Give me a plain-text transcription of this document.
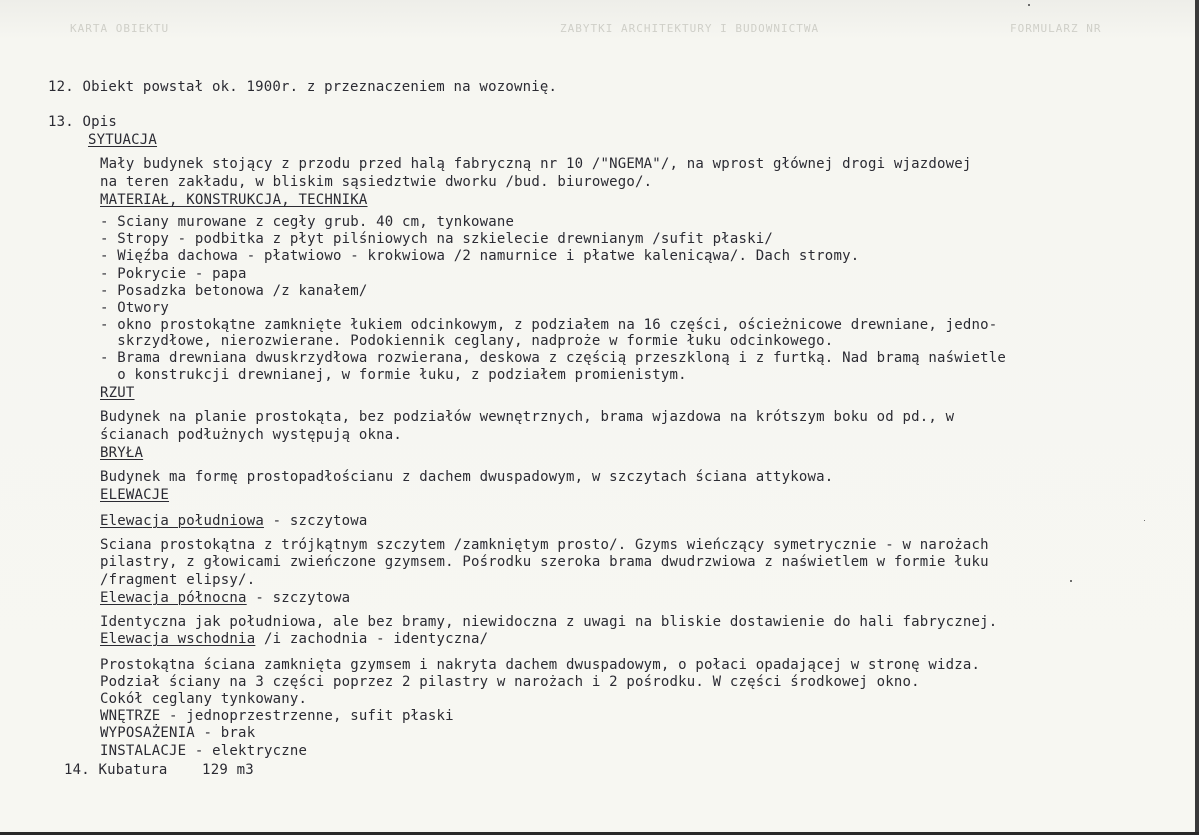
KARTA OBIEKTU	ZABYTKI ARCHITEKTURY I BUDOWNICTWA	FORMULARZ NR
12. Obiekt powstał ok. 1900r. z przeznaczeniem na wozownię.
13. Opis
SYTUACJA
Mały budynek stojący z przodu przed halą fabryczną nr 10 /"NGEMA"/, na wprost głównej drogi wjazdowej
na teren zakładu, w bliskim sąsiedztwie dworku /bud. biurowego/.
MATERIAŁ, KONSTRUKCJA, TECHNIKA
- Sciany murowane z cegły grub. 40 cm, tynkowane
- Stropy - podbitka z płyt pilśniowych na szkielecie drewnianym /sufit płaski/
- Więźba dachowa - płatwiowo - krokwiowa /2 namurnice i płatwe kalenicąwa/. Dach stromy.
- Pokrycie - papa
- Posadzka betonowa /z kanałem/
- Otwory
- okno prostokątne zamknięte łukiem odcinkowym, z podziałem na 16 części, ościeżnicowe drewniane, jedno-
skrzydłowe, nierozwierane. Podokiennik ceglany, nadproże w formie łuku odcinkowego.
- Brama drewniana dwuskrzydłowa rozwierana, deskowa z częścią przeszkloną i z furtką. Nad bramą naświetle
o konstrukcji drewnianej, w formie łuku, z podziałem promienistym.
RZUT
Budynek na planie prostokąta, bez podziałów wewnętrznych, brama wjazdowa na krótszym boku od pd., w
ścianach podłużnych występują okna.
BRYŁA
Budynek ma formę prostopadłościanu z dachem dwuspadowym, w szczytach ściana attykowa.
ELEWACJE
Elewacja południowa - szczytowa
Sciana prostokątna z trójkątnym szczytem /zamkniętym prosto/. Gzyms wieńczący symetrycznie - w narożach
pilastry, z głowicami zwieńczone gzymsem. Pośrodku szeroka brama dwudrzwiowa z naświetlem w formie łuku
/fragment elipsy/.
Elewacja północna - szczytowa
Identyczna jak południowa, ale bez bramy, niewidoczna z uwagi na bliskie dostawienie do hali fabrycznej.
Elewacja wschodnia /i zachodnia - identyczna/
Prostokątna ściana zamknięta gzymsem i nakryta dachem dwuspadowym, o połaci opadającej w stronę widza.
Podział ściany na 3 części poprzez 2 pilastry w narożach i 2 pośrodku. W części środkowej okno.
Cokół ceglany tynkowany.
WNĘTRZE - jednoprzestrzenne, sufit płaski
WYPOSAŻENIA - brak
INSTALACJE - elektryczne
14. Kubatura    129 m3
